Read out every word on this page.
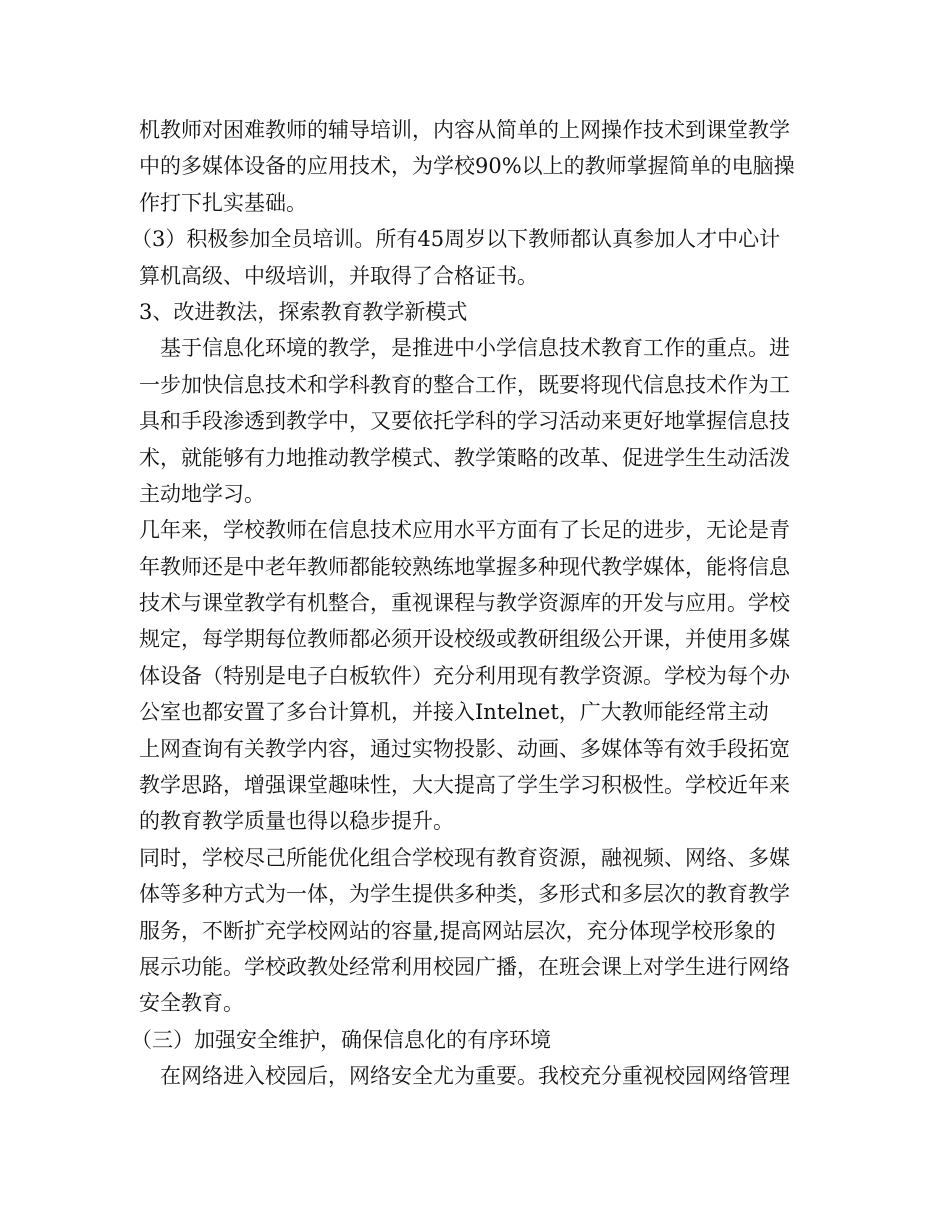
机教师对困难教师的辅导培训，内容从简单的上网操作技术到课堂教学
中的多媒体设备的应用技术，为学校90%以上的教师掌握简单的电脑操
作打下扎实基础。
（3）积极参加全员培训。所有45周岁以下教师都认真参加人才中心计
算机高级、中级培训，并取得了合格证书。
3、改进教法，探索教育教学新模式
基于信息化环境的教学，是推进中小学信息技术教育工作的重点。进
一步加快信息技术和学科教育的整合工作，既要将现代信息技术作为工
具和手段渗透到教学中，又要依托学科的学习活动来更好地掌握信息技
术，就能够有力地推动教学模式、教学策略的改革、促进学生生动活泼
主动地学习。
几年来，学校教师在信息技术应用水平方面有了长足的进步，无论是青
年教师还是中老年教师都能较熟练地掌握多种现代教学媒体，能将信息
技术与课堂教学有机整合，重视课程与教学资源库的开发与应用。学校
规定，每学期每位教师都必须开设校级或教研组级公开课，并使用多媒
体设备（特别是电子白板软件）充分利用现有教学资源。学校为每个办
公室也都安置了多台计算机，并接入Intelnet，广大教师能经常主动
上网查询有关教学内容，通过实物投影、动画、多媒体等有效手段拓宽
教学思路，增强课堂趣味性，大大提高了学生学习积极性。学校近年来
的教育教学质量也得以稳步提升。
同时，学校尽己所能优化组合学校现有教育资源，融视频、网络、多媒
体等多种方式为一体，为学生提供多种类，多形式和多层次的教育教学
服务，不断扩充学校网站的容量,提高网站层次，充分体现学校形象的
展示功能。学校政教处经常利用校园广播，在班会课上对学生进行网络
安全教育。
（三）加强安全维护，确保信息化的有序环境
在网络进入校园后，网络安全尤为重要。我校充分重视校园网络管理
